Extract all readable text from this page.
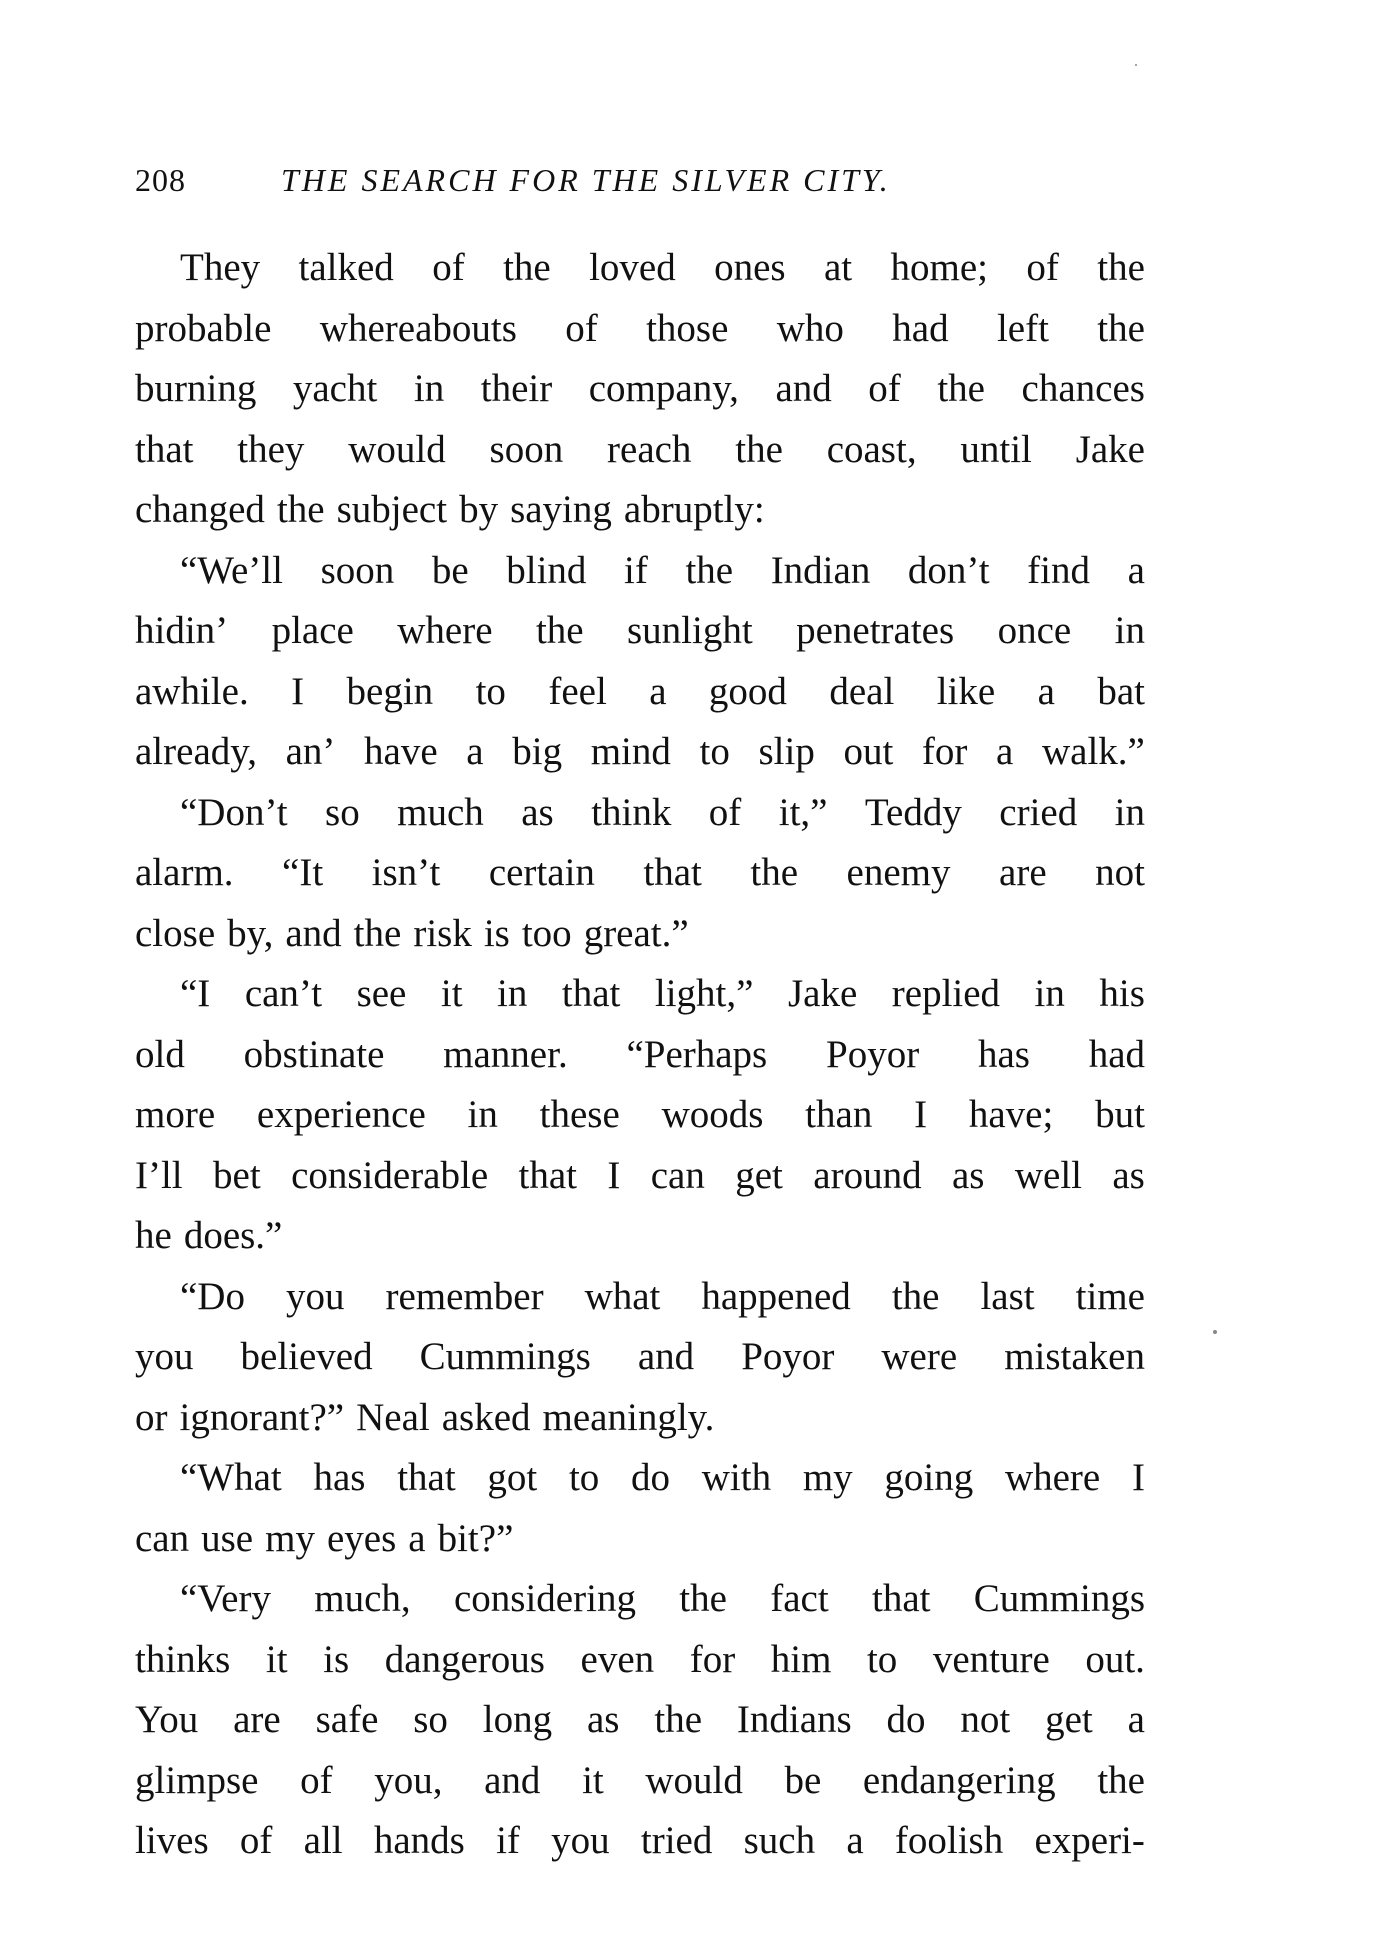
208	THE SEARCH FOR THE SILVER CITY.
They talked of the loved ones at home; of the
probable whereabouts of those who had left the
burning yacht in their company, and of the chances
that they would soon reach the coast, until Jake
changed the subject by saying abruptly:
“We’ll soon be blind if the Indian don’t find a
hidin’ place where the sunlight penetrates once in
awhile. I begin to feel a good deal like a bat
already, an’ have a big mind to slip out for a walk.”
“Don’t so much as think of it,” Teddy cried in
alarm. “It isn’t certain that the enemy are not
close by, and the risk is too great.”
“I can’t see it in that light,” Jake replied in his
old obstinate manner. “Perhaps Poyor has had
more experience in these woods than I have; but
I’ll bet considerable that I can get around as well as
he does.”
“Do you remember what happened the last time
you believed Cummings and Poyor were mistaken
or ignorant?” Neal asked meaningly.
“What has that got to do with my going where I
can use my eyes a bit?”
“Very much, considering the fact that Cummings
thinks it is dangerous even for him to venture out.
You are safe so long as the Indians do not get a
glimpse of you, and it would be endangering the
lives of all hands if you tried such a foolish experi-
